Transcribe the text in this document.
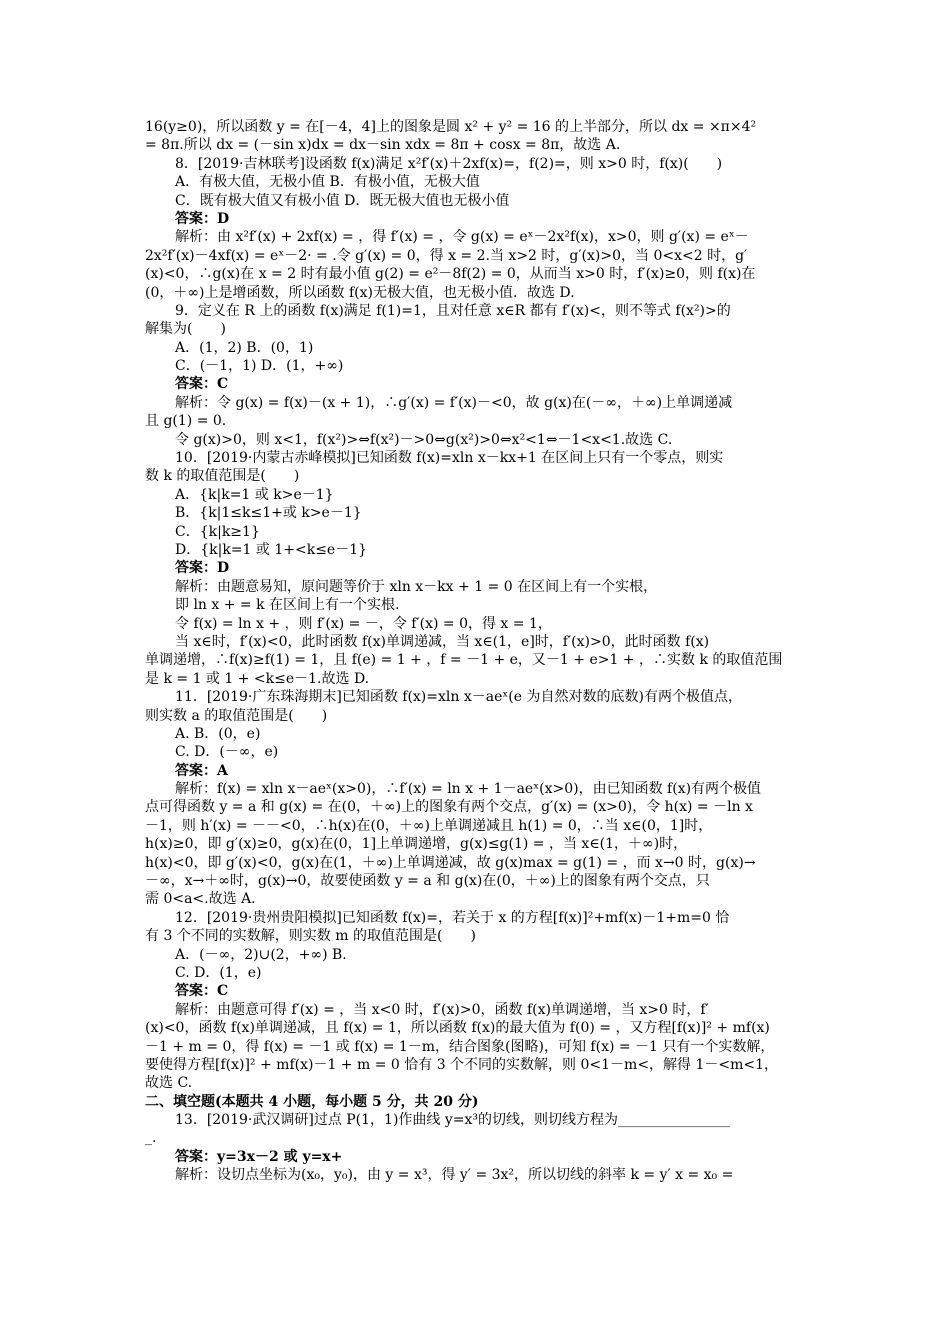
16(y≥0)，所以函数 y = 在[－4，4]上的图象是圆 x² + y² = 16 的上半部分，所以 dx = ×π×4²
= 8π.所以 dx = (－sin x)dx = dx－sin xdx = 8π + cosx = 8π，故选 A.
8．[2019·吉林联考]设函数 f(x)满足 x²f′(x)＋2xf(x)=，f(2)=，则 x>0 时，f(x)(　　)
A．有极大值，无极小值 B．有极小值，无极大值
C．既有极大值又有极小值 D．既无极大值也无极小值
答案：D
解析：由 x²f′(x) + 2xf(x) = ，得 f′(x) = ，令 g(x) = eˣ－2x²f(x)，x>0，则 g′(x) = eˣ－
2x²f′(x)－4xf(x) = eˣ－2· = .令 g′(x) = 0，得 x = 2.当 x>2 时，g′(x)>0，当 0<x<2 时，g′
(x)<0，∴g(x)在 x = 2 时有最小值 g(2) = e²－8f(2) = 0，从而当 x>0 时，f′(x)≥0，则 f(x)在
(0，＋∞)上是增函数，所以函数 f(x)无极大值，也无极小值．故选 D.
9．定义在 R 上的函数 f(x)满足 f(1)=1，且对任意 x∈R 都有 f′(x)<，则不等式 f(x²)>的
解集为(　　)
A．(1，2) B．(0，1)
C．(－1，1) D．(1，+∞)
答案：C
解析：令 g(x) = f(x)－(x + 1)，∴g′(x) = f′(x)－<0，故 g(x)在(－∞，＋∞)上单调递减
且 g(1) = 0.
令 g(x)>0，则 x<1，f(x²)>⇔f(x²)－>0⇔g(x²)>0⇔x²<1⇔－1<x<1.故选 C.
10．[2019·内蒙古赤峰模拟]已知函数 f(x)=xln x－kx+1 在区间上只有一个零点，则实
数 k 的取值范围是(　　)
A．{k|k=1 或 k>e－1}
B．{k|1≤k≤1+或 k>e－1}
C．{k|k≥1}
D．{k|k=1 或 1+<k≤e－1}
答案：D
解析：由题意易知，原问题等价于 xln x－kx + 1 = 0 在区间上有一个实根，
即 ln x + = k 在区间上有一个实根.
令 f(x) = ln x + ，则 f′(x) = －，令 f′(x) = 0，得 x = 1，
当 x∈时，f′(x)<0，此时函数 f(x)单调递减，当 x∈(1，e]时，f′(x)>0，此时函数 f(x)
单调递增，∴f(x)≥f(1) = 1，且 f(e) = 1 + ，f = －1 + e，又－1 + e>1 + ，∴实数 k 的取值范围
是 k = 1 或 1 + <k≤e－1.故选 D.
11．[2019·广东珠海期末]已知函数 f(x)=xln x－aeˣ(e 为自然对数的底数)有两个极值点，
则实数 a 的取值范围是(　　)
A. B．(0，e)
C. D．(－∞，e)
答案：A
解析：f(x) = xln x－aeˣ(x>0)，∴f′(x) = ln x + 1－aeˣ(x>0)，由已知函数 f(x)有两个极值
点可得函数 y = a 和 g(x) = 在(0，＋∞)上的图象有两个交点，g′(x) = (x>0)，令 h(x) = －ln x
－1，则 h′(x) = －－<0，∴h(x)在(0，＋∞)上单调递减且 h(1) = 0，∴当 x∈(0，1]时，
h(x)≥0，即 g′(x)≥0，g(x)在(0，1]上单调递增，g(x)≤g(1) = ，当 x∈(1，＋∞)时，
h(x)<0，即 g′(x)<0，g(x)在(1，＋∞)上单调递减，故 g(x)max = g(1) = ，而 x→0 时，g(x)→
－∞，x→＋∞时，g(x)→0，故要使函数 y = a 和 g(x)在(0，＋∞)上的图象有两个交点，只
需 0<a<.故选 A.
12．[2019·贵州贵阳模拟]已知函数 f(x)=，若关于 x 的方程[f(x)]²+mf(x)－1+m=0 恰
有 3 个不同的实数解，则实数 m 的取值范围是(　　)
A．(－∞，2)∪(2，+∞) B.
C. D．(1，e)
答案：C
解析：由题意可得 f′(x) = ，当 x<0 时，f′(x)>0，函数 f(x)单调递增，当 x>0 时，f′
(x)<0，函数 f(x)单调递减，且 f(x) = 1，所以函数 f(x)的最大值为 f(0) = ，又方程[f(x)]² + mf(x)
－1 + m = 0，得 f(x) = －1 或 f(x) = 1－m，结合图象(图略)，可知 f(x) = －1 只有一个实数解，
要使得方程[f(x)]² + mf(x)－1 + m = 0 恰有 3 个不同的实数解，则 0<1－m<，解得 1－<m<1，
故选 C.
二、填空题(本题共 4 小题，每小题 5 分，共 20 分)
13．[2019·武汉调研]过点 P(1，1)作曲线 y=x³的切线，则切线方程为________________
_.
答案：y=3x－2 或 y=x+
解析：设切点坐标为(x₀，y₀)，由 y = x³，得 y′ = 3x²，所以切线的斜率 k = y′ x = x₀ =
